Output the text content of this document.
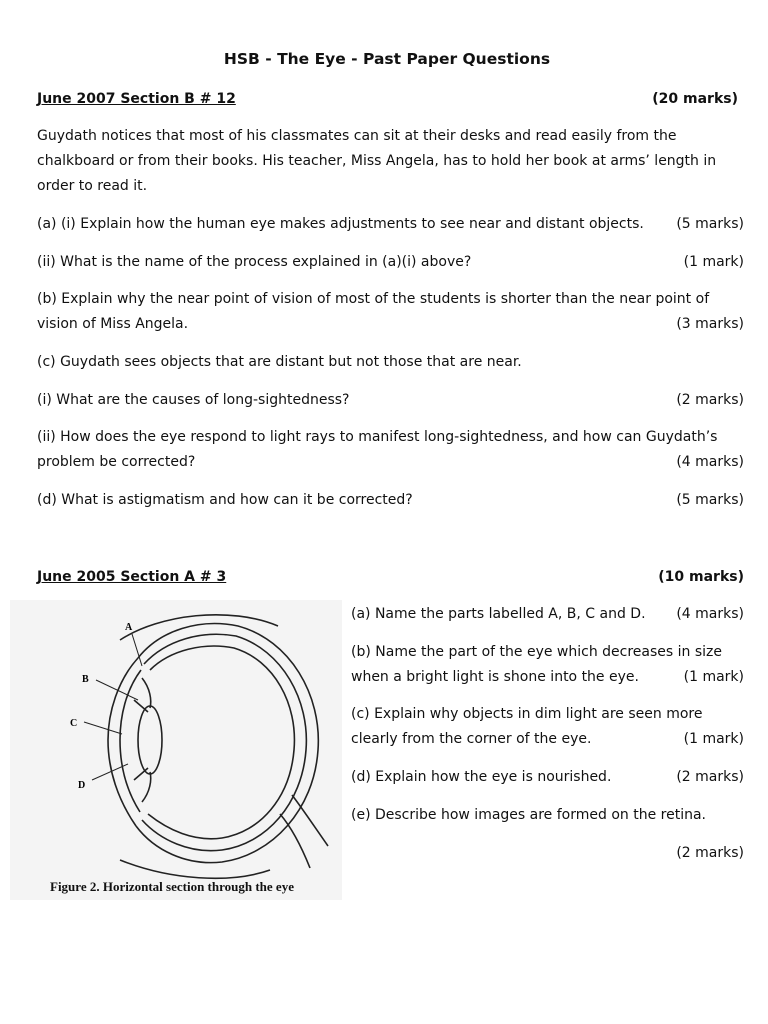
HSB - The Eye - Past Paper Questions
June 2007 Section B # 12	(20 marks)
Guydath notices that most of his classmates can sit at their desks and read easily from the
chalkboard or from their books. His teacher, Miss Angela, has to hold her book at arms’ length in
order to read it.
(a) (i) Explain how the human eye makes adjustments to see near and distant objects. (5 marks)
(ii) What is the name of the process explained in (a)(i) above?	(1 mark)
(b) Explain why the near point of vision of most of the students is shorter than the near point of
vision of Miss Angela.	(3 marks)
(c) Guydath sees objects that are distant but not those that are near.
(i) What are the causes of long-sightedness?	(2 marks)
(ii) How does the eye respond to light rays to manifest long-sightedness, and how can Guydath’s
problem be corrected?	(4 marks)
(d) What is astigmatism and how can it be corrected?	(5 marks)
June 2005 Section A # 3	(10 marks)
(a) Name the parts labelled A, B, C and D. (4 marks)
(b) Name the part of the eye which decreases in size
when a bright light is shone into the eye.	(1 mark)
(c) Explain why objects in dim light are seen more
clearly from the corner of the eye.	(1 mark)
(d) Explain how the eye is nourished.	(2 marks)
(e) Describe how images are formed on the retina.
(2 marks)
A
B
C
D
Figure 2. Horizontal section through the eye
